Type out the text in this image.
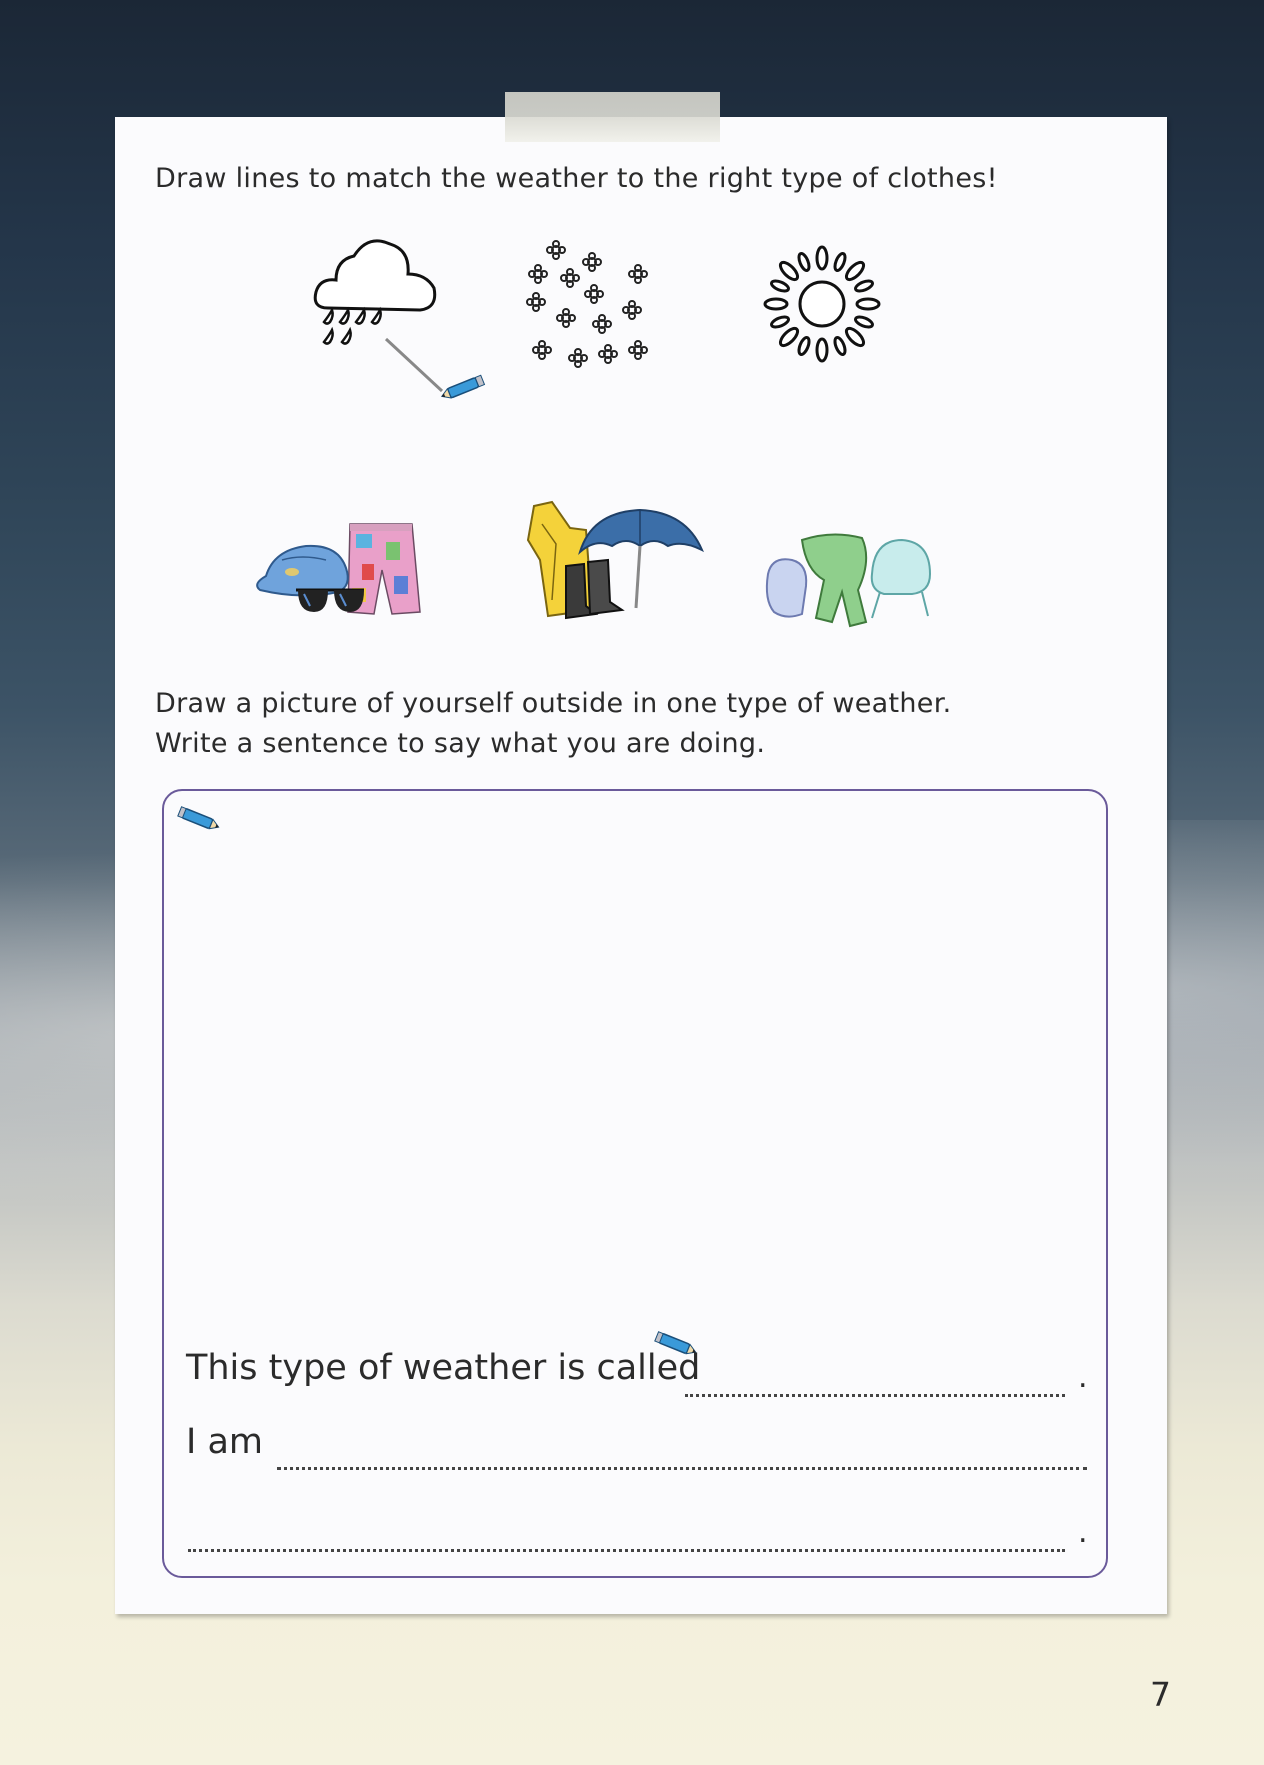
Draw lines to match the weather to the right type of clothes!
Draw a picture of yourself outside in one type of weather.
Write a sentence to say what you are doing.
This type of weather is called	.
I am
.
7
